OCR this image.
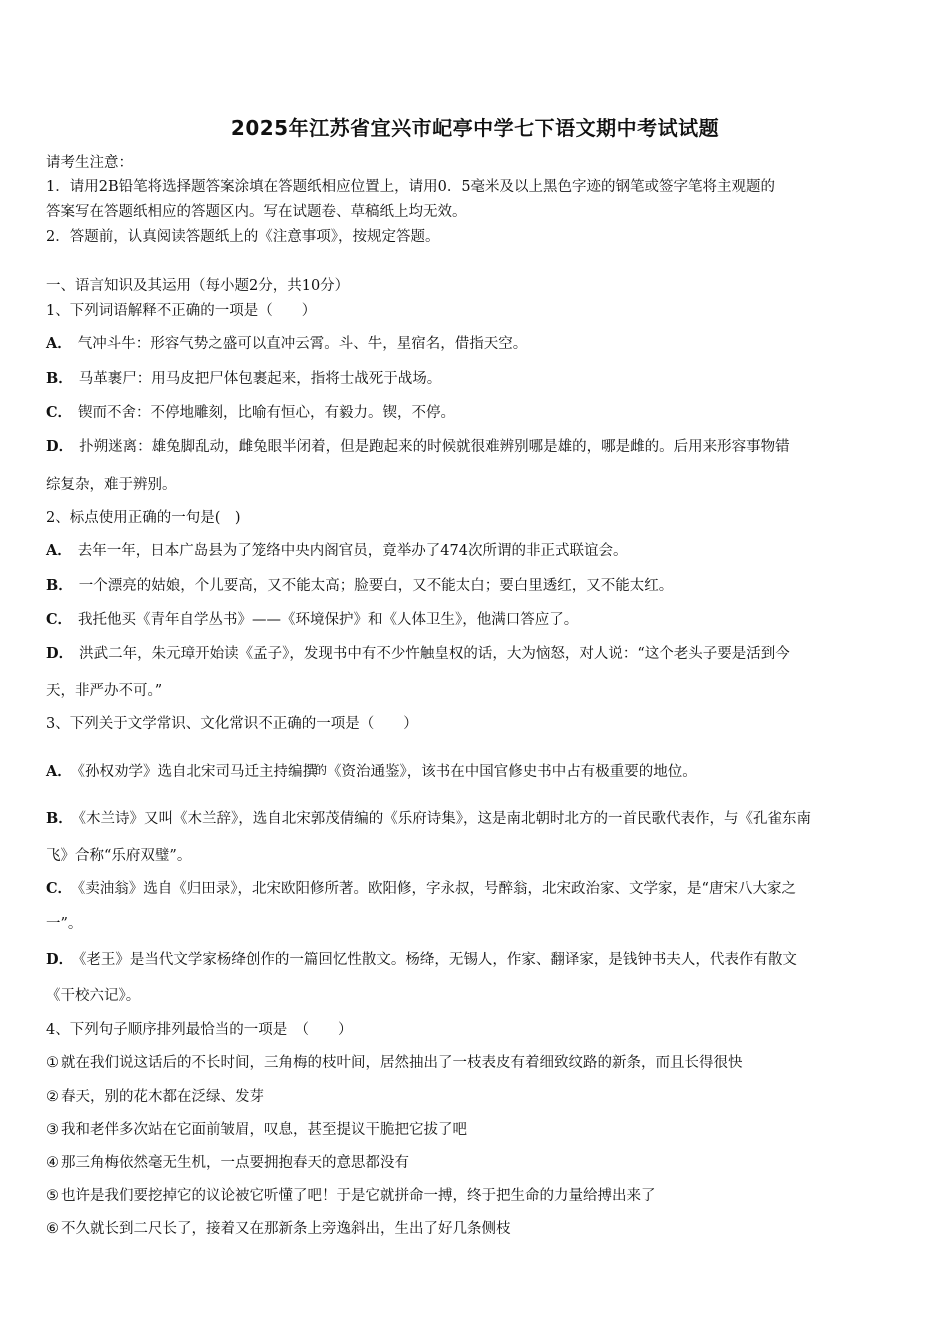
2025年江苏省宜兴市屺亭中学七下语文期中考试试题
请考生注意：
1．请用2B铅笔将选择题答案涂填在答题纸相应位置上，请用0．5毫米及以上黑色字迹的钢笔或签字笔将主观题的
答案写在答题纸相应的答题区内。写在试题卷、草稿纸上均无效。
2．答题前，认真阅读答题纸上的《注意事项》，按规定答题。
一、语言知识及其运用（每小题2分，共10分）
1、下列词语解释不正确的一项是（　　）
A． 气冲斗牛：形容气势之盛可以直冲云霄。斗、牛，星宿名，借指天空。
B． 马革裹尸：用马皮把尸体包裹起来，指将士战死于战场。
C． 锲而不舍：不停地雕刻，比喻有恒心，有毅力。锲，不停。
D． 扑朔迷离：雄兔脚乱动，雌兔眼半闭着，但是跑起来的时候就很难辨别哪是雄的，哪是雌的。后用来形容事物错
综复杂，难于辨别。
2、标点使用正确的一句是(　)
A． 去年一年，日本广岛县为了笼络中央内阁官员，竟举办了474次所谓的非正式联谊会。
B． 一个漂亮的姑娘，个儿要高，又不能太高；脸要白，又不能太白；要白里透红，又不能太红。
C． 我托他买《青年自学丛书》——《环境保护》和《人体卫生》，他满口答应了。
D． 洪武二年，朱元璋开始读《孟子》，发现书中有不少忤触皇权的话，大为恼怒，对人说：“这个老头子要是活到今
天，非严办不可。”
3、下列关于文学常识、文化常识不正确的一项是（　　）
A． 《孙权劝学》选自北宋司马迁主持编撰
的 《资治通鉴》，该书在中国官修史书中占有极重要的地位。
B． 《木兰诗》又叫《木兰辞》，选自北宋郭茂倩编的《乐府诗集》，这是南北朝时北方的一首民歌代表作，与《孔雀东南
飞》合称“乐府双璧”。
C． 《卖油翁》选自《归田录》，北宋欧阳修所著。欧阳修，字永叔，号醉翁，北宋政治家、文学家，是“唐宋八大家之
一”。
D． 《老王》是当代文学家杨绛创作的一篇回忆性散文。杨绛，无锡人，作家、翻译家，是钱钟书夫人，代表作有散文
《干校六记》。
4、下列句子顺序排列最恰当的一项是　（　　）
① 就在我们说这话后的不长时间，三角梅的枝叶间，居然抽出了一枝表皮有着细致纹路的新条，而且长得很快
② 春天，别的花木都在泛绿、发芽
③ 我和老伴多次站在它面前皱眉，叹息，甚至提议干脆把它拔了吧
④ 那三角梅依然毫无生机，一点要拥抱春天的意思都没有
⑤ 也许是我们要挖掉它的议论被它听懂了吧！于是它就拼命一搏，终于把生命的力量给搏出来了
⑥ 不久就长到二尺长了，接着又在那新条上旁逸斜出，生出了好几条侧枝
